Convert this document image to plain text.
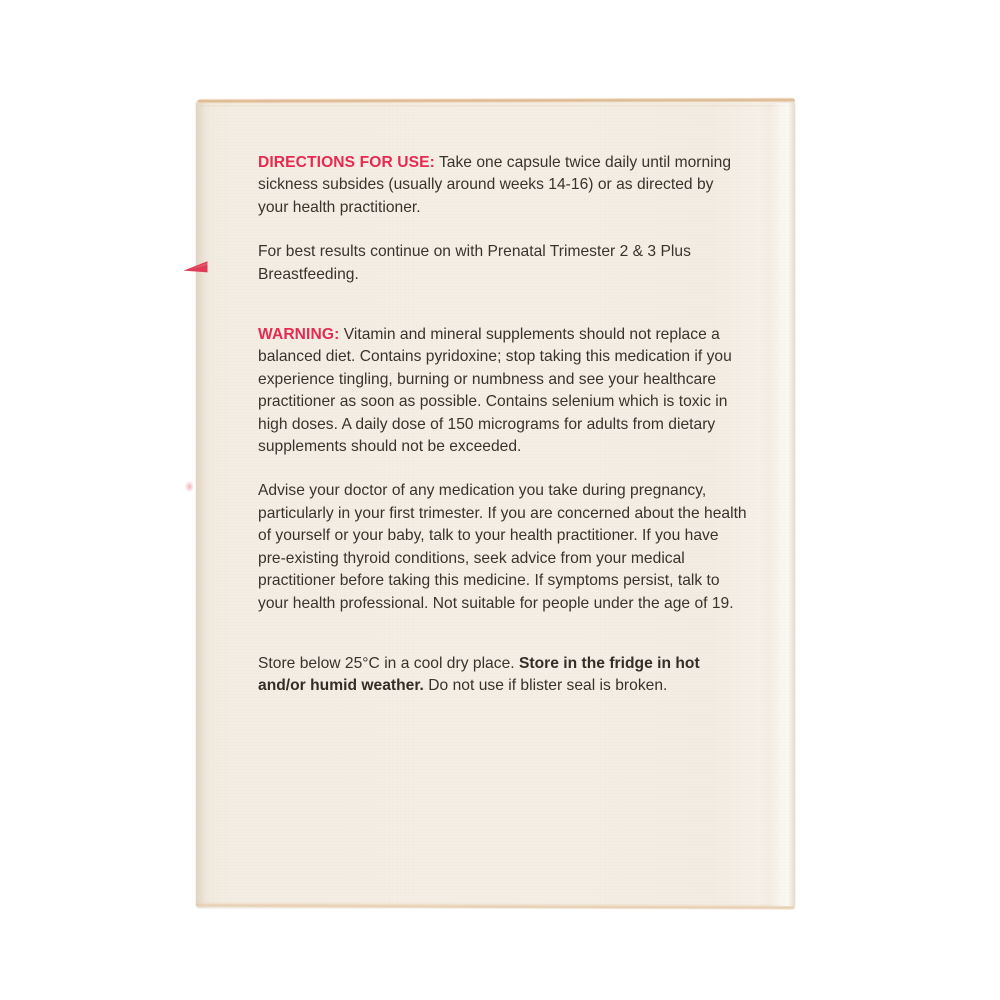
DIRECTIONS FOR USE: Take one capsule twice daily until morning sickness subsides (usually around weeks 14-16) or as directed by your health practitioner.

For best results continue on with Prenatal Trimester 2 & 3 Plus Breastfeeding.

WARNING: Vitamin and mineral supplements should not replace a balanced diet. Contains pyridoxine; stop taking this medication if you experience tingling, burning or numbness and see your healthcare practitioner as soon as possible. Contains selenium which is toxic in high doses. A daily dose of 150 micrograms for adults from dietary supplements should not be exceeded.

Advise your doctor of any medication you take during pregnancy, particularly in your first trimester. If you are concerned about the health of yourself or your baby, talk to your health practitioner. If you have pre-existing thyroid conditions, seek advice from your medical practitioner before taking this medicine. If symptoms persist, talk to your health professional. Not suitable for people under the age of 19.

Store below 25°C in a cool dry place. Store in the fridge in hot and/or humid weather. Do not use if blister seal is broken.
